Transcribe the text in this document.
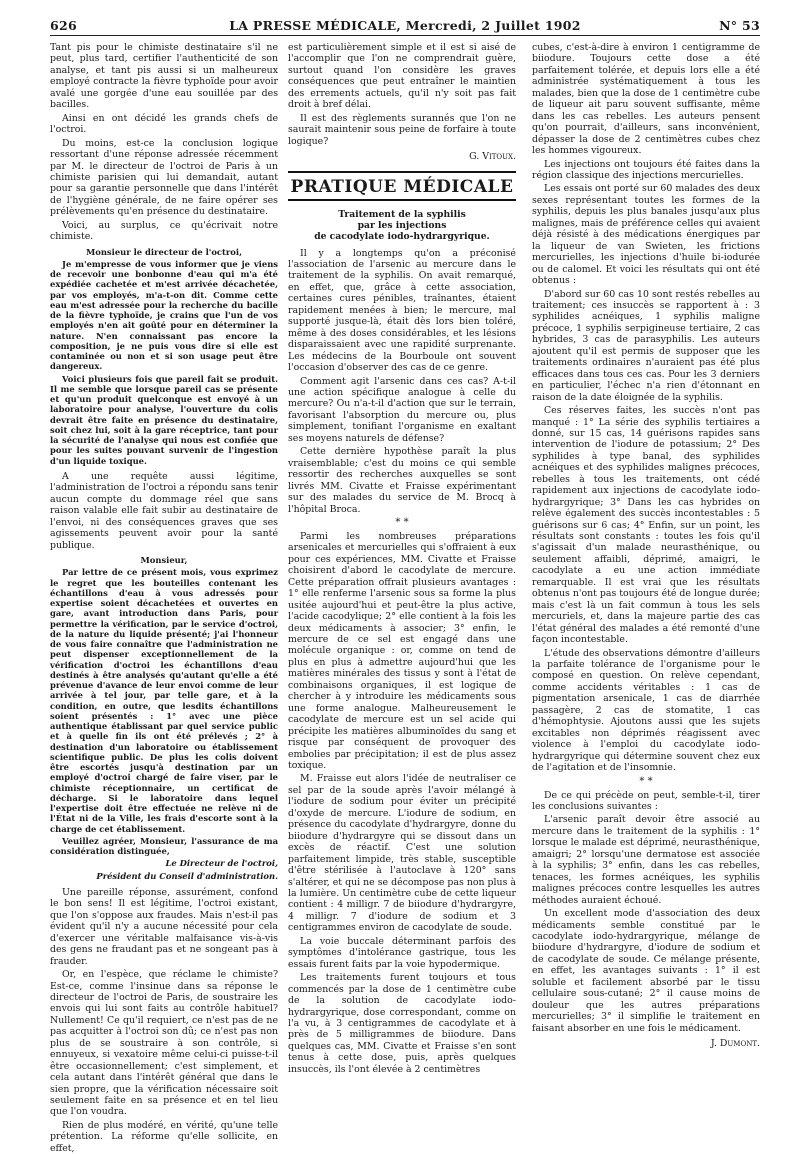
626	LA PRESSE MÉDICALE, Mercredi, 2 Juillet 1902	N° 53

Tant pis pour le chimiste destinataire s'il ne peut, plus tard, certifier l'authenticité de son analyse, et tant pis aussi si un malheureux employé contracte la fièvre typhoïde pour avoir avalé une gorgée d'une eau souillée par des bacilles.

Ainsi en ont décidé les grands chefs de l'octroi.

Du moins, est-ce la conclusion logique ressortant d'une réponse adressée récemment par M. le directeur de l'octroi de Paris à un chimiste parisien qui lui demandait, autant pour sa garantie personnelle que dans l'intérêt de l'hygiène générale, de ne faire opérer ses prélèvements qu'en présence du destinataire.

Voici, au surplus, ce qu'écrivait notre chimiste.

Monsieur le directeur de l'octroi,

Je m'empresse de vous informer que je viens de recevoir une bonbonne d'eau qui m'a été expédiée cachetée et m'est arrivée décachetée, par vos employés, m'a-t-on dit. Comme cette eau m'est adressée pour la recherche du bacille de la fièvre typhoïde, je crains que l'un de vos employés n'en ait goûté pour en déterminer la nature. N'en connaissant pas encore la composition, je ne puis vous dire si elle est contaminée ou non et si son usage peut être dangereux.

Voici plusieurs fois que pareil fait se produit. Il me semble que lorsque pareil cas se présente et qu'un produit quelconque est envoyé à un laboratoire pour analyse, l'ouverture du colis devrait être faite en présence du destinataire, soit chez lui, soit à la gare réceptrice, tant pour la sécurité de l'analyse qui nous est confiée que pour les suites pouvant survenir de l'ingestion d'un liquide toxique.

A une requête aussi légitime, l'administration de l'octroi a répondu sans tenir aucun compte du dommage réel que sans raison valable elle fait subir au destinataire de l'envoi, ni des conséquences graves que ses agissements peuvent avoir pour la santé publique.

Monsieur,

Par lettre de ce présent mois, vous exprimez le regret que les bouteilles contenant les échantillons d'eau à vous adressés pour expertise soient décachetées et ouvertes en gare, avant introduction dans Paris, pour permettre la vérification, par le service d'octroi, de la nature du liquide présenté; j'ai l'honneur de vous faire connaître que l'administration ne peut dispenser exceptionnellement de la vérification d'octroi les échantillons d'eau destinés à être analysés qu'autant qu'elle a été prévenue d'avance de leur envoi comme de leur arrivée à tel jour, par telle gare, et à la condition, en outre, que lesdits échantillons soient présentés : 1° avec une pièce authentique établissant par quel service public et à quelle fin ils ont été prélevés ; 2° à destination d'un laboratoire ou établissement scientifique public. De plus les colis doivent être escortés jusqu'à destination par un employé d'octroi chargé de faire viser, par le chimiste réceptionnaire, un certificat de décharge. Si le laboratoire dans lequel l'expertise doit être effectuée ne relève ni de l'État ni de la Ville, les frais d'escorte sont à la charge de cet établissement.

Veuillez agréer, Monsieur, l'assurance de ma considération distinguée,

Le Directeur de l'octroi,

Président du Conseil d'administration.

Une pareille réponse, assurément, confond le bon sens! Il est légitime, l'octroi existant, que l'on s'oppose aux fraudes. Mais n'est-il pas évident qu'il n'y a aucune nécessité pour cela d'exercer une véritable malfaisance vis-à-vis des gens ne fraudant pas et ne songeant pas à frauder.

Or, en l'espèce, que réclame le chimiste? Est-ce, comme l'insinue dans sa réponse le directeur de l'octroi de Paris, de soustraire les envois qui lui sont faits au contrôle habituel? Nullement! Ce qu'il requiert, ce n'est pas de ne pas acquitter à l'octroi son dû; ce n'est pas non plus de se soustraire à son contrôle, si ennuyeux, si vexatoire même celui-ci puisse-t-il être occasionnellement; c'est simplement, et cela autant dans l'intérêt général que dans le sien propre, que la vérification nécessaire soit seulement faite en sa présence et en tel lieu que l'on voudra.

Rien de plus modéré, en vérité, qu'une telle prétention. La réforme qu'elle sollicite, en effet,

est particulièrement simple et il est si aisé de l'accomplir que l'on ne comprendrait guère, surtout quand l'on considère les graves conséquences que peut entraîner le maintien des errements actuels, qu'il n'y soit pas fait droit à bref délai.

Il est des règlements surannés que l'on ne saurait maintenir sous peine de forfaire à toute logique?

G. Vitoux.

PRATIQUE MÉDICALE
Traitement de la syphilis
par les injections
de cacodylate iodo-hydrargyrique.

Il y a longtemps qu'on a préconisé l'association de l'arsenic au mercure dans le traitement de la syphilis. On avait remarqué, en effet, que, grâce à cette association, certaines cures pénibles, traînantes, étaient rapidement menées à bien; le mercure, mal supporté jusque-là, était dès lors bien toléré, même à des doses considérables, et les lésions disparaissaient avec une rapidité surprenante. Les médecins de la Bourboule ont souvent l'occasion d'observer des cas de ce genre.

Comment agit l'arsenic dans ces cas? A-t-il une action spécifique analogue à celle du mercure? Ou n'a-t-il d'action que sur le terrain, favorisant l'absorption du mercure ou, plus simplement, tonifiant l'organisme en exaltant ses moyens naturels de défense?

Cette dernière hypothèse paraît la plus vraisemblable; c'est du moins ce qui semble ressortir des recherches auxquelles se sont livrés MM. Civatte et Fraisse expérimentant sur des malades du service de M. Brocq à l'hôpital Broca.

* *

Parmi les nombreuses préparations arsenicales et mercurielles qui s'offraient à eux pour ces expériences, MM. Civatte et Fraisse choisirent d'abord le cacodylate de mercure. Cette préparation offrait plusieurs avantages : 1° elle renferme l'arsenic sous sa forme la plus usitée aujourd'hui et peut-être la plus active, l'acide cacodylique; 2° elle contient à la fois les deux médicaments à associer; 3° enfin, le mercure de ce sel est engagé dans une molécule organique : or, comme on tend de plus en plus à admettre aujourd'hui que les matières minérales des tissus y sont à l'état de combinaisons organiques, il est logique de chercher à y introduire les médicaments sous une forme analogue. Malheureusement le cacodylate de mercure est un sel acide qui précipite les matières albuminoïdes du sang et risque par conséquent de provoquer des embolies par précipitation; il est de plus assez toxique.

M. Fraisse eut alors l'idée de neutraliser ce sel par de la soude après l'avoir mélangé à l'iodure de sodium pour éviter un précipité d'oxyde de mercure. L'iodure de sodium, en présence du cacodylate d'hydrargyre, donne du biiodure d'hydrargyre qui se dissout dans un excès de réactif. C'est une solution parfaitement limpide, très stable, susceptible d'être stérilisée à l'autoclave à 120° sans s'altérer, et qui ne se décompose pas non plus à la lumière. Un centimètre cube de cette liqueur contient : 4 milligr. 7 de biiodure d'hydrargyre, 4 milligr. 7 d'iodure de sodium et 3 centigrammes environ de cacodylate de soude.

La voie buccale déterminant parfois des symptômes d'intolérance gastrique, tous les essais furent faits par la voie hypodermique.

Les traitements furent toujours et tous commencés par la dose de 1 centimètre cube de la solution de cacodylate iodo-hydrargyrique, dose correspondant, comme on l'a vu, à 3 centigrammes de cacodylate et à près de 5 milligrammes de biiodure. Dans quelques cas, MM. Civatte et Fraisse s'en sont tenus à cette dose, puis, après quelques insuccès, ils l'ont élevée à 2 centimètres

cubes, c'est-à-dire à environ 1 centigramme de biiodure. Toujours cette dose a été parfaitement tolérée, et depuis lors elle a été administrée systématiquement à tous les malades, bien que la dose de 1 centimètre cube de liqueur ait paru souvent suffisante, même dans les cas rebelles. Les auteurs pensent qu'on pourrait, d'ailleurs, sans inconvénient, dépasser la dose de 2 centimètres cubes chez les hommes vigoureux.

Les injections ont toujours été faites dans la région classique des injections mercurielles.

Les essais ont porté sur 60 malades des deux sexes représentant toutes les formes de la syphilis, depuis les plus banales jusqu'aux plus malignes, mais de préférence celles qui avaient déjà résisté à des médications énergiques par la liqueur de van Swieten, les frictions mercurielles, les injections d'huile bi-iodurée ou de calomel. Et voici les résultats qui ont été obtenus :

D'abord sur 60 cas 10 sont restés rebelles au traitement; ces insuccès se rapportent à : 3 syphilides acnéiques, 1 syphilis maligne précoce, 1 syphilis serpigineuse tertiaire, 2 cas hybrides, 3 cas de parasyphilis. Les auteurs ajoutent qu'il est permis de supposer que les traitements ordinaires n'auraient pas été plus efficaces dans tous ces cas. Pour les 3 derniers en particulier, l'échec n'a rien d'étonnant en raison de la date éloignée de la syphilis.

Ces réserves faites, les succès n'ont pas manqué : 1° La série des syphilis tertiaires a donné, sur 15 cas, 14 guérisons rapides sans intervention de l'iodure de potassium; 2° Des syphilides à type banal, des syphilides acnéiques et des syphilides malignes précoces, rebelles à tous les traitements, ont cédé rapidement aux injections de cacodylate iodo-hydrargyrique; 3° Dans les cas hybrides on relève également des succès incontestables : 5 guérisons sur 6 cas; 4° Enfin, sur un point, les résultats sont constants : toutes les fois qu'il s'agissait d'un malade neurasthénique, ou seulement affaibli, déprimé, amaigri, le cacodylate a eu une action immédiate remarquable. Il est vrai que les résultats obtenus n'ont pas toujours été de longue durée; mais c'est là un fait commun à tous les sels mercuriels, et, dans la majeure partie des cas l'état général des malades a été remonté d'une façon incontestable.

L'étude des observations démontre d'ailleurs la parfaite tolérance de l'organisme pour le composé en question. On relève cependant, comme accidents véritables : 1 cas de pigmentation arsenicale, 1 cas de diarrhée passagère, 2 cas de stomatite, 1 cas d'hémophtysie. Ajoutons aussi que les sujets excitables non déprimés réagissent avec violence à l'emploi du cacodylate iodo-hydrargyrique qui détermine souvent chez eux de l'agitation et de l'insomnie.

* *

De ce qui précède on peut, semble-t-il, tirer les conclusions suivantes :

L'arsenic paraît devoir être associé au mercure dans le traitement de la syphilis : 1° lorsque le malade est déprimé, neurasthénique, amaigri; 2° lorsqu'une dermatose est associée à la syphilis; 3° enfin, dans les cas rebelles, tenaces, les formes acnéiques, les syphilis malignes précoces contre lesquelles les autres méthodes auraient échoué.

Un excellent mode d'association des deux médicaments semble constitué par le cacodylate iodo-hydrargyrique, mélange de biiodure d'hydrargyre, d'iodure de sodium et de cacodylate de soude. Ce mélange présente, en effet, les avantages suivants : 1° il est soluble et facilement absorbé par le tissu cellulaire sous-cutané; 2° il cause moins de douleur que les autres préparations mercurielles; 3° il simplifie le traitement en faisant absorber en une fois le médicament.

J. Dumont.
